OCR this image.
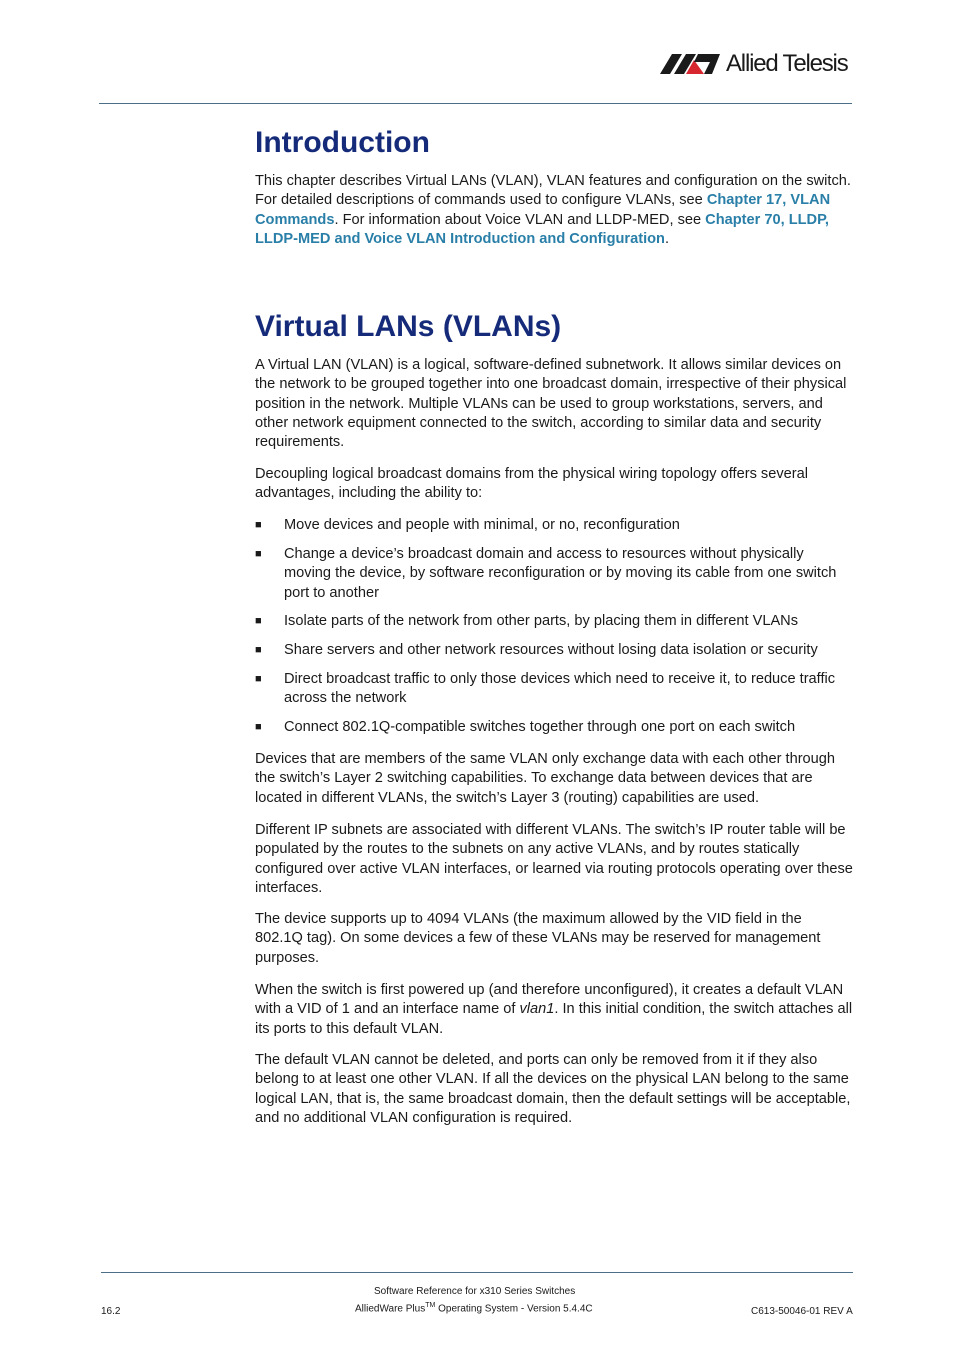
Allied Telesis
Introduction

This chapter describes Virtual LANs (VLAN), VLAN features and configuration on the switch. For detailed descriptions of commands used to configure VLANs, see Chapter 17, VLAN Commands. For information about Voice VLAN and LLDP-MED, see Chapter 70, LLDP, LLDP-MED and Voice VLAN Introduction and Configuration.

Virtual LANs (VLANs)

A Virtual LAN (VLAN) is a logical, software-defined subnetwork. It allows similar devices on the network to be grouped together into one broadcast domain, irrespective of their physical position in the network. Multiple VLANs can be used to group workstations, servers, and other network equipment connected to the switch, according to similar data and security requirements.

Decoupling logical broadcast domains from the physical wiring topology offers several advantages, including the ability to:

■ Move devices and people with minimal, or no, reconfiguration
■ Change a device’s broadcast domain and access to resources without physically moving the device, by software reconfiguration or by moving its cable from one switch port to another
■ Isolate parts of the network from other parts, by placing them in different VLANs
■ Share servers and other network resources without losing data isolation or security
■ Direct broadcast traffic to only those devices which need to receive it, to reduce traffic across the network
■ Connect 802.1Q-compatible switches together through one port on each switch

Devices that are members of the same VLAN only exchange data with each other through the switch’s Layer 2 switching capabilities. To exchange data between devices that are located in different VLANs, the switch’s Layer 3 (routing) capabilities are used.

Different IP subnets are associated with different VLANs. The switch’s IP router table will be populated by the routes to the subnets on any active VLANs, and by routes statically configured over active VLAN interfaces, or learned via routing protocols operating over these interfaces.

The device supports up to 4094 VLANs (the maximum allowed by the VID field in the 802.1Q tag). On some devices a few of these VLANs may be reserved for management purposes.

When the switch is first powered up (and therefore unconfigured), it creates a default VLAN with a VID of 1 and an interface name of vlan1. In this initial condition, the switch attaches all its ports to this default VLAN.

The default VLAN cannot be deleted, and ports can only be removed from it if they also belong to at least one other VLAN. If all the devices on the physical LAN belong to the same logical LAN, that is, the same broadcast domain, then the default settings will be acceptable, and no additional VLAN configuration is required.

Software Reference for x310 Series Switches
16.2	AlliedWare Plus™ Operating System - Version 5.4.4C	C613-50046-01 REV A
